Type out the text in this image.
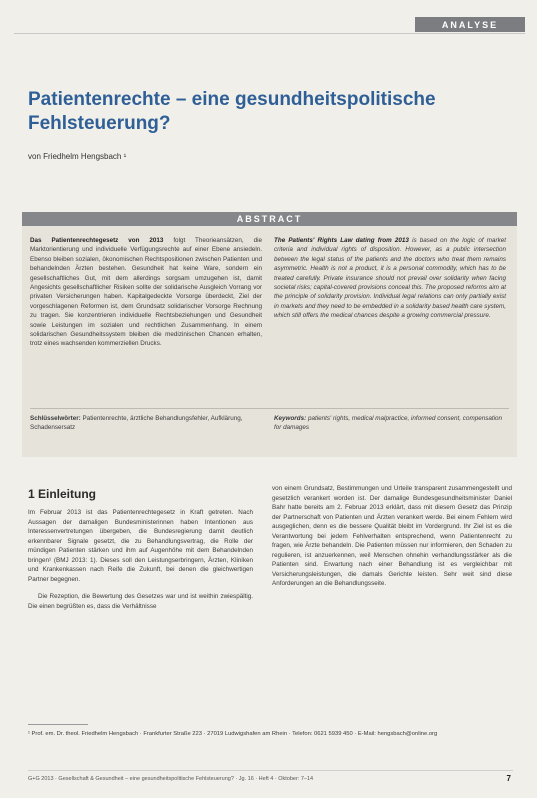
ANALYSE
Patientenrechte – eine gesundheitspolitische Fehlsteuerung?
von Friedhelm Hengsbach ¹
ABSTRACT
Das Patientenrechtegesetz von 2013 folgt Theorieansätzen, die Marktorientierung und individuelle Verfügungsrechte auf einer Ebene ansiedeln. Ebenso bleiben sozialen, ökonomischen Rechtspositionen zwischen Patienten und behandelnden Ärzten bestehen. Gesundheit hat keine Ware, sondern ein gesellschaftliches Gut, mit dem allerdings sorgsam umzugehen ist, damit Angesichts gesellschaftlicher Risiken sollte der solidarische Ausgleich Vorrang vor privaten Versicherungen haben. Kapitalgedeckte Vorsorge überdeckt, Ziel der vorgeschlagenen Reformen ist, dem Grundsatz solidarischer Vorsorge Rechnung zu tragen. Sie konzentrieren individuelle Rechtsbeziehungen und Gesundheit sowie Leistungen im sozialen und rechtlichen Zusammenhang. In einem solidarischen Gesundheitssystem bleiben die medizinischen Chancen erhalten, trotz eines wachsenden kommerziellen Drucks.
The Patients' Rights Law dating from 2013 is based on the logic of market criteria and individual rights of disposition. However, as a public intersection between the legal status of the patients and the doctors who treat them remains asymmetric. Health is not a product, it is a personal commodity, which has to be treated carefully. Private insurance should not prevail over solidarity when facing societal risks; capital-covered provisions conceal this. The proposed reforms aim at the principle of solidarity provision. Individual legal relations can only partially exist in markets and they need to be embedded in a solidarity based health care system, which still offers the medical chances despite a growing commercial pressure.
Schlüsselwörter: Patientenrechte, ärztliche Behandlungsfehler, Aufklärung, Schadensersatz
Keywords: patients' rights, medical malpractice, informed consent, compensation for damages
1 Einleitung

Im Februar 2013 ist das Patientenrechtegesetz in Kraft getreten. Nach Aussagen der damaligen Bundesministerinnen haben Intentionen aus Interessenvertretungen übergeben, die Bundesregierung damit deutlich erkennbarer Signale gesetzt, die zu Behandlungsvertrag, die Rolle der mündigen Patienten stärken und ihm auf Augenhöhe mit dem Behandelnden bringen¹ (BMJ 2013: 1). Dieses soll den Leistungserbringern, Ärzten, Kliniken und Krankenkassen nach Reife die Zukunft, bei denen die gleichwertigen Partner begegnen.

Die Rezeption, die Bewertung des Gesetzes war und ist weithin zwiespältig. Die einen begrüßten es, dass die Verhältnisse

von einem Grundsatz, Bestimmungen und Urteile transparent zusammengestellt und gesetzlich verankert worden ist. Der damalige Bundesgesundheitsminister Daniel Bahr hatte bereits am 2. Februar 2013 erklärt, dass mit diesem Gesetz das Prinzip der Partnerschaft von Patienten und Ärzten verankert werde. Bei einem Fehlern wird ausgeglichen, denn es die bessere Qualität bleibt im Vordergrund. Ihr Ziel ist es die Verantwortung bei jedem Fehlverhalten entsprechend, wenn Patientenrecht zu fragen, wie Ärzte behandeln. Die Patienten müssen nur informieren, den Schaden zu regulieren, ist anzuerkennen, weil Menschen ohnehin verhandlungsstärker als die Patienten sind. Erwartung nach einer Behandlung ist es vergleichbar mit Versicherungsleistungen, die damals Gerichte leisten. Sehr weit sind diese Anforderungen an die Behandlungsseite.

¹ Prof. em. Dr. theol. Friedhelm Hengsbach · Frankfurter Straße 223 · 27019 Ludwigshafen am Rhein · Telefon: 0621 5939 450 · E-Mail: hengsbach@online.org
G+G 2013 · Gesellschaft & Gesundheit – eine gesundheitspolitische Fehlsteuerung? · Jg. 16 · Heft 4 · Oktober: 7–14	7
